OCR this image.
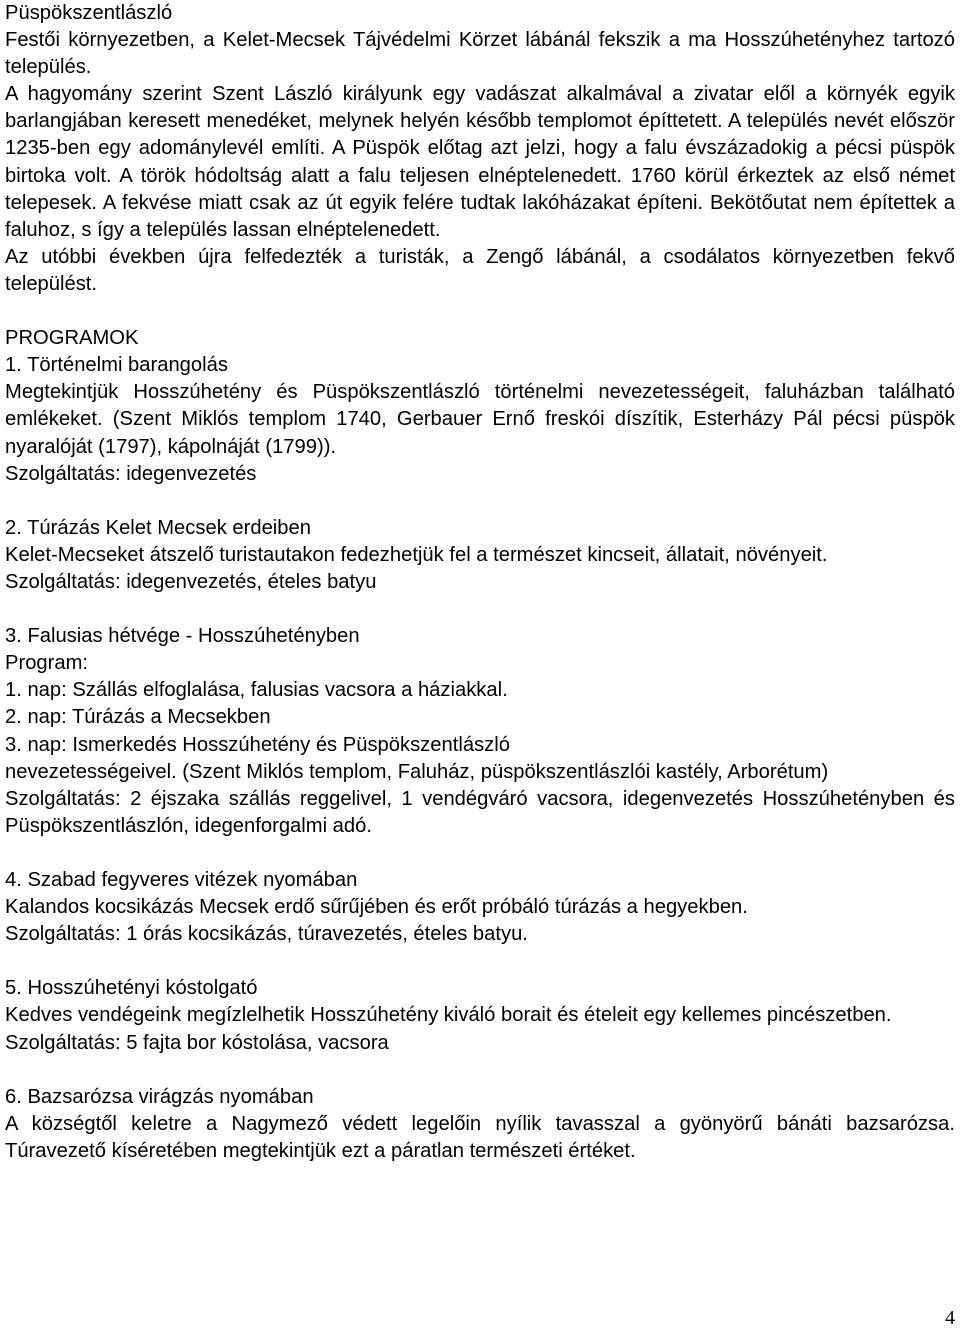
Püspökszentlászló

Festői környezetben, a Kelet-Mecsek Tájvédelmi Körzet lábánál fekszik a ma Hosszúhetényhez tartozó település.

A hagyomány szerint Szent László királyunk egy vadászat alkalmával a zivatar elől a környék egyik barlangjában keresett menedéket, melynek helyén később templomot építtetett. A település nevét először 1235-ben egy adománylevél említi. A Püspök előtag azt jelzi, hogy a falu évszázadokig a pécsi püspök birtoka volt. A török hódoltság alatt a falu teljesen elnéptelenedett. 1760 körül érkeztek az első német telepesek. A fekvése miatt csak az út egyik felére tudtak lakóházakat építeni. Bekötőutat nem építettek a faluhoz, s így a település lassan elnéptelenedett.

Az utóbbi években újra felfedezték a turisták, a Zengő lábánál, a csodálatos környezetben fekvő települést.

PROGRAMOK

1. Történelmi barangolás

Megtekintjük Hosszúhetény és Püspökszentlászló történelmi nevezetességeit, faluházban található emlékeket. (Szent Miklós templom 1740, Gerbauer Ernő freskói díszítik, Esterházy Pál pécsi püspök nyaralóját (1797), kápolnáját (1799)).

Szolgáltatás: idegenvezetés

2. Túrázás Kelet Mecsek erdeiben

Kelet-Mecseket átszelő turistautakon fedezhetjük fel a természet kincseit, állatait, növényeit.

Szolgáltatás: idegenvezetés, ételes batyu

3. Falusias hétvége - Hosszúhetényben

Program:

1. nap: Szállás elfoglalása, falusias vacsora a háziakkal.

2. nap: Túrázás a Mecsekben

3. nap: Ismerkedés Hosszúhetény és Püspökszentlászló

nevezetességeivel. (Szent Miklós templom, Faluház, püspökszentlászlói kastély, Arborétum)

Szolgáltatás: 2 éjszaka szállás reggelivel, 1 vendégváró vacsora, idegenvezetés Hosszúhetényben és Püspökszentlászlón, idegenforgalmi adó.

4. Szabad fegyveres vitézek nyomában

Kalandos kocsikázás Mecsek erdő sűrűjében és erőt próbáló túrázás a hegyekben.

Szolgáltatás: 1 órás kocsikázás, túravezetés, ételes batyu.

5. Hosszúhetényi kóstolgató

Kedves vendégeink megízlelhetik Hosszúhetény kiváló borait és ételeit egy kellemes pincészetben.

Szolgáltatás: 5 fajta bor kóstolása, vacsora

6. Bazsarózsa virágzás nyomában

A községtől keletre a Nagymező védett legelőin nyílik tavasszal a gyönyörű bánáti bazsarózsa. Túravezető kíséretében megtekintjük ezt a páratlan természeti értéket.

4
